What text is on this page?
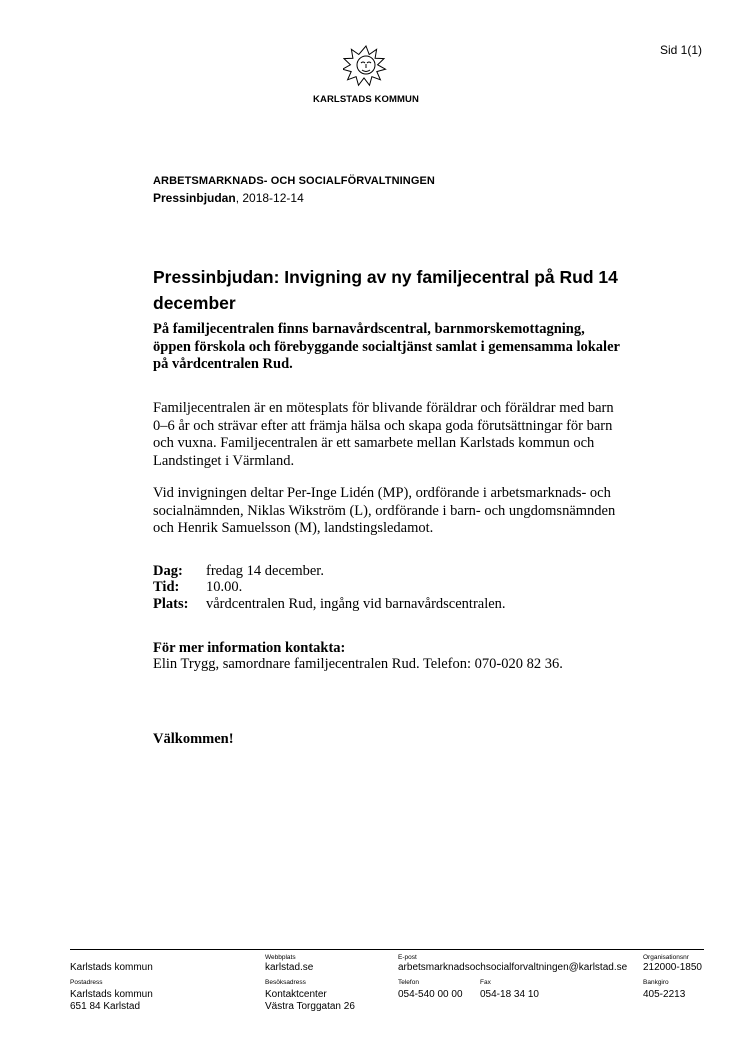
Sid 1(1)
KARLSTADS KOMMUN
ARBETSMARKNADS- OCH SOCIALFÖRVALTNINGEN
Pressinbjudan, 2018-12-14
Pressinbjudan: Invigning av ny familjecentral på Rud 14 december
På familjecentralen finns barnavårdscentral, barnmorskemottagning, öppen förskola och förebyggande socialtjänst samlat i gemensamma lokaler på vårdcentralen Rud.
Familjecentralen är en mötesplats för blivande föräldrar och föräldrar med barn 0–6 år och strävar efter att främja hälsa och skapa goda förutsättningar för barn och vuxna. Familjecentralen är ett samarbete mellan Karlstads kommun och Landstinget i Värmland.
Vid invigningen deltar Per-Inge Lidén (MP), ordförande i arbetsmarknads- och socialnämnden, Niklas Wikström (L), ordförande i barn- och ungdomsnämnden och Henrik Samuelsson (M), landstingsledamot.
Dag: fredag 14 december.
Tid: 10.00.
Plats: vårdcentralen Rud, ingång vid barnavårdscentralen.
För mer information kontakta:
Elin Trygg, samordnare familjecentralen Rud. Telefon: 070-020 82 36.
Välkommen!
Karlstads kommun
Webbplats
karlstad.se
E-post
arbetsmarknadsochsocialforvaltningen@karlstad.se
Organisationsnr
212000-1850
Postadress
Karlstads kommun
651 84 Karlstad
Besöksadress
Kontaktcenter
Västra Torggatan 26
Telefon
054-540 00 00
Fax
054-18 34 10
Bankgiro
405-2213
